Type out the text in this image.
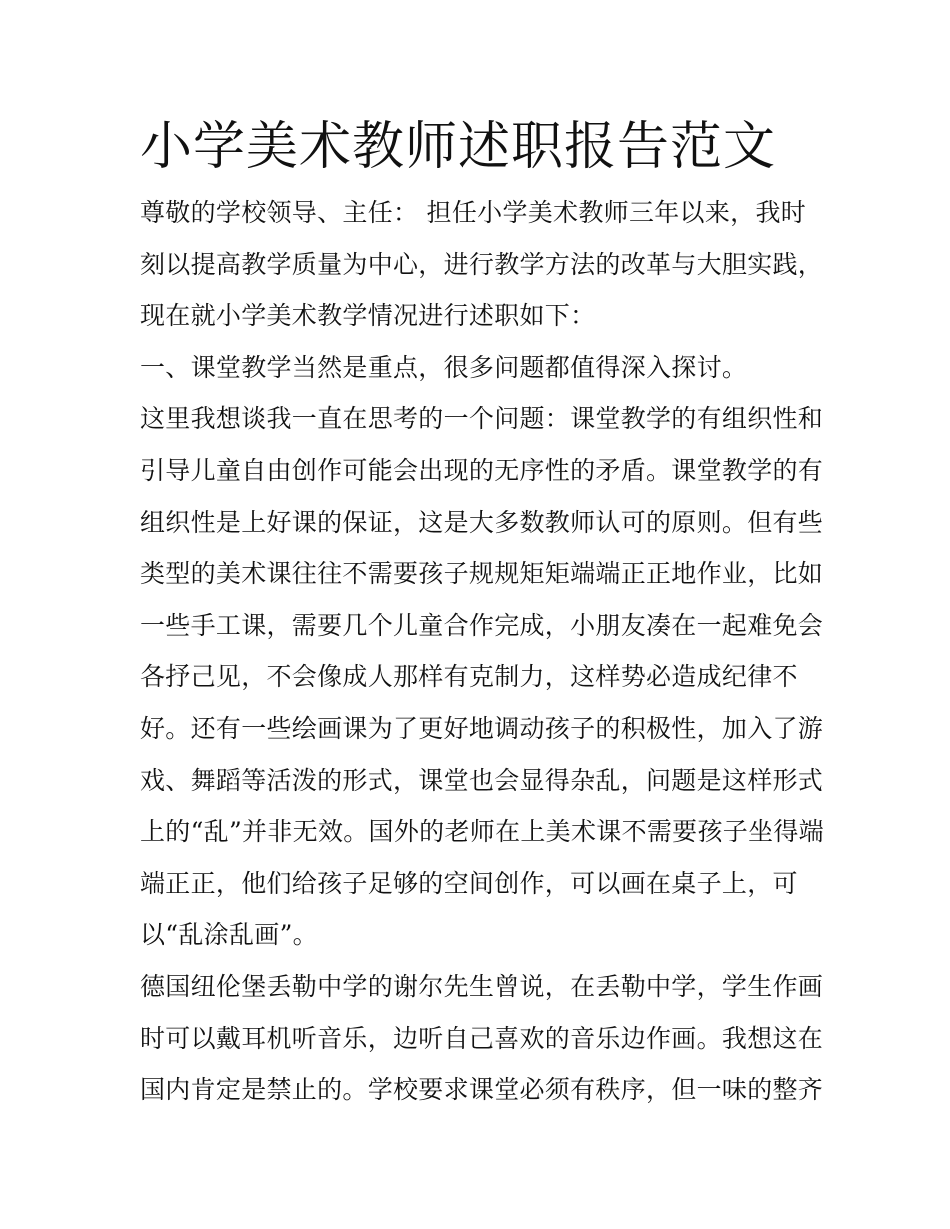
小学美术教师述职报告范文
尊敬的学校领导、主任： 担任小学美术教师三年以来，我时
刻以提高教学质量为中心，进行教学方法的改革与大胆实践，
现在就小学美术教学情况进行述职如下：
一、课堂教学当然是重点，很多问题都值得深入探讨。
这里我想谈我一直在思考的一个问题：课堂教学的有组织性和
引导儿童自由创作可能会出现的无序性的矛盾。课堂教学的有
组织性是上好课的保证，这是大多数教师认可的原则。但有些
类型的美术课往往不需要孩子规规矩矩端端正正地作业，比如
一些手工课，需要几个儿童合作完成，小朋友凑在一起难免会
各抒己见，不会像成人那样有克制力，这样势必造成纪律不
好。还有一些绘画课为了更好地调动孩子的积极性，加入了游
戏、舞蹈等活泼的形式，课堂也会显得杂乱，问题是这样形式
上的“乱”并非无效。国外的老师在上美术课不需要孩子坐得端
端正正，他们给孩子足够的空间创作，可以画在桌子上，可
以“乱涂乱画”。
德国纽伦堡丢勒中学的谢尔先生曾说，在丢勒中学，学生作画
时可以戴耳机听音乐，边听自己喜欢的音乐边作画。我想这在
国内肯定是禁止的。学校要求课堂必须有秩序，但一味的整齐
